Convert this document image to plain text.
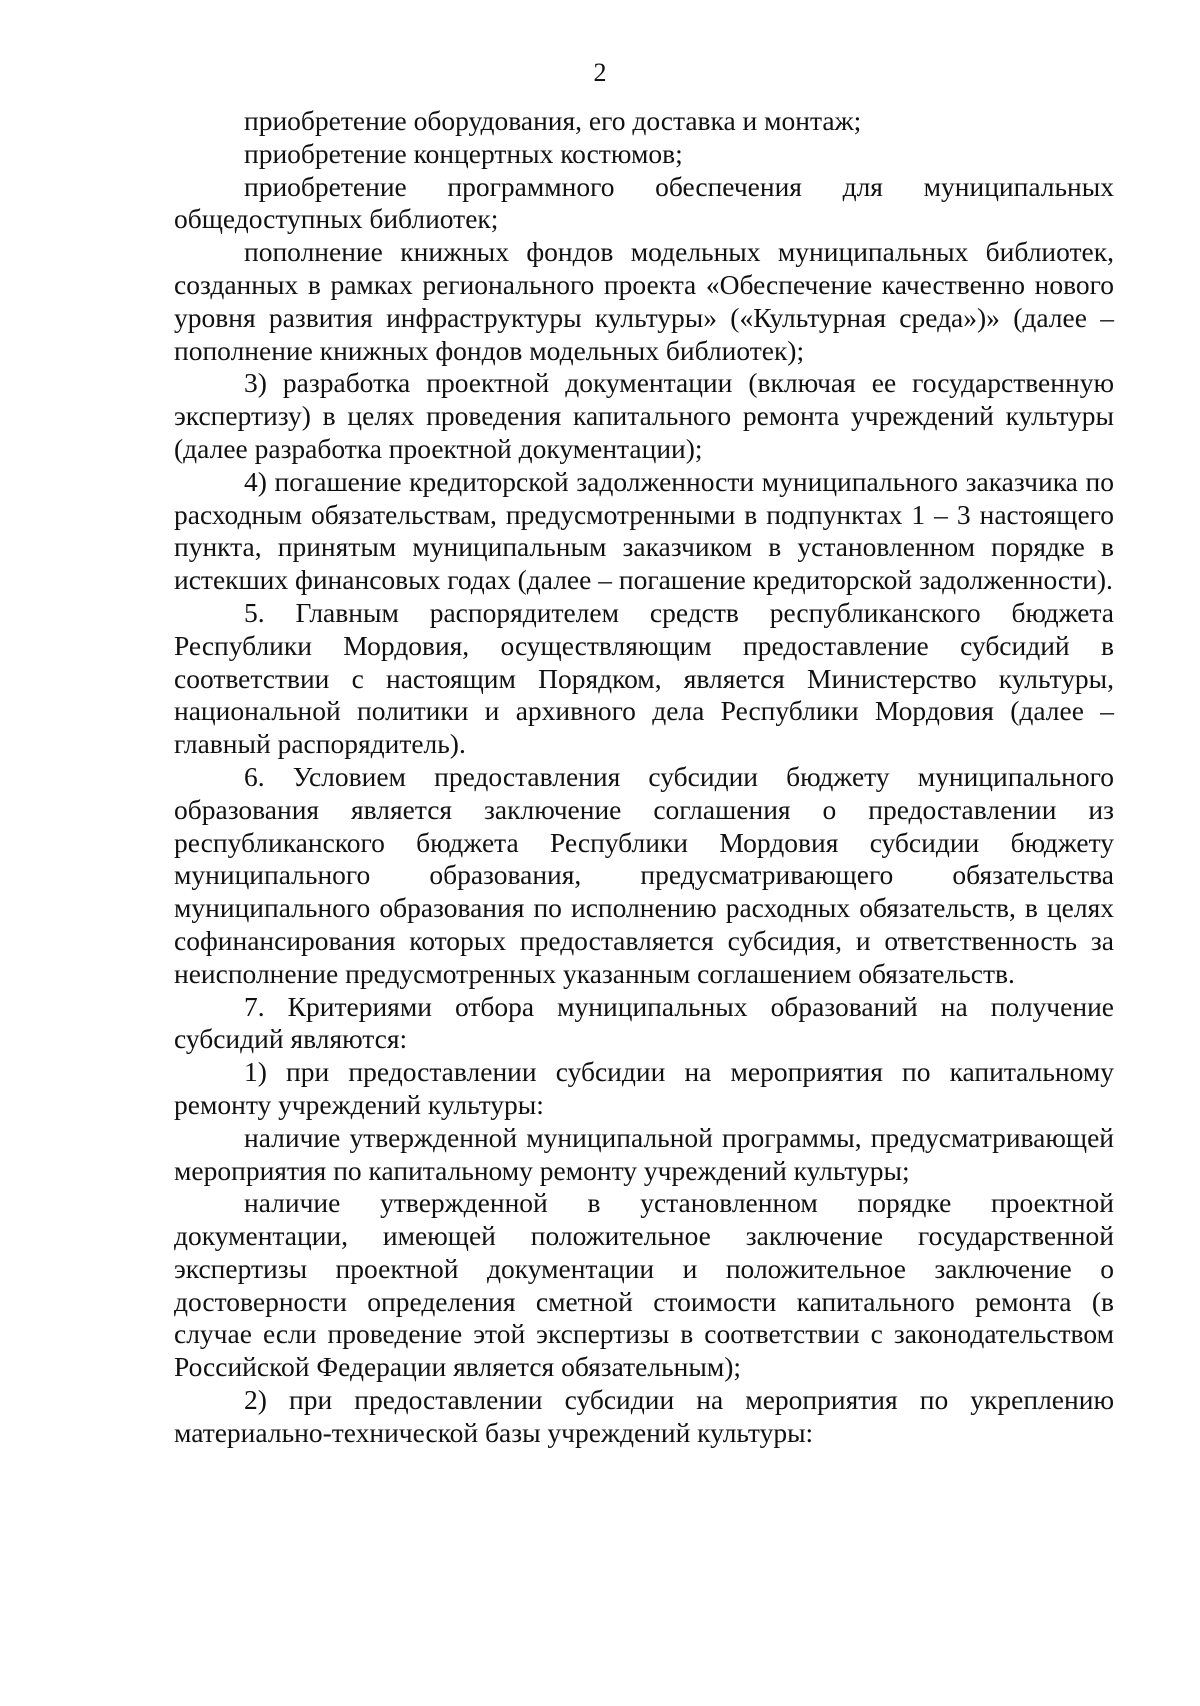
2

приобретение оборудования, его доставка и монтаж;

приобретение концертных костюмов;

приобретение программного обеспечения для муниципальных общедоступных библиотек;

пополнение книжных фондов модельных муниципальных библиотек, созданных в рамках регионального проекта «Обеспечение качественно нового уровня развития инфраструктуры культуры» («Культурная среда»)» (далее – пополнение книжных фондов модельных библиотек);

3) разработка проектной документации (включая ее государственную экспертизу) в целях проведения капитального ремонта учреждений культуры (далее разработка проектной документации);

4) погашение кредиторской задолженности муниципального заказчика по расходным обязательствам, предусмотренными в подпунктах 1 – 3 настоящего пункта, принятым муниципальным заказчиком в установленном порядке в истекших финансовых годах (далее – погашение кредиторской задолженности).

5. Главным распорядителем средств республиканского бюджета Республики Мордовия, осуществляющим предоставление субсидий в соответствии с настоящим Порядком, является Министерство культуры, национальной политики и архивного дела Республики Мордовия (далее – главный распорядитель).

6. Условием предоставления субсидии бюджету муниципального образования является заключение соглашения о предоставлении из республиканского бюджета Республики Мордовия субсидии бюджету муниципального образования, предусматривающего обязательства муниципального образования по исполнению расходных обязательств, в целях софинансирования которых предоставляется субсидия, и ответственность за неисполнение предусмотренных указанным соглашением обязательств.

7. Критериями отбора муниципальных образований на получение субсидий являются:

1) при предоставлении субсидии на мероприятия по капитальному ремонту учреждений культуры:

наличие утвержденной муниципальной программы, предусматривающей мероприятия по капитальному ремонту учреждений культуры;

наличие утвержденной в установленном порядке проектной документации, имеющей положительное заключение государственной экспертизы проектной документации и положительное заключение о достоверности определения сметной стоимости капитального ремонта (в случае если проведение этой экспертизы в соответствии с законодательством Российской Федерации является обязательным);

2) при предоставлении субсидии на мероприятия по укреплению материально-технической базы учреждений культуры:
